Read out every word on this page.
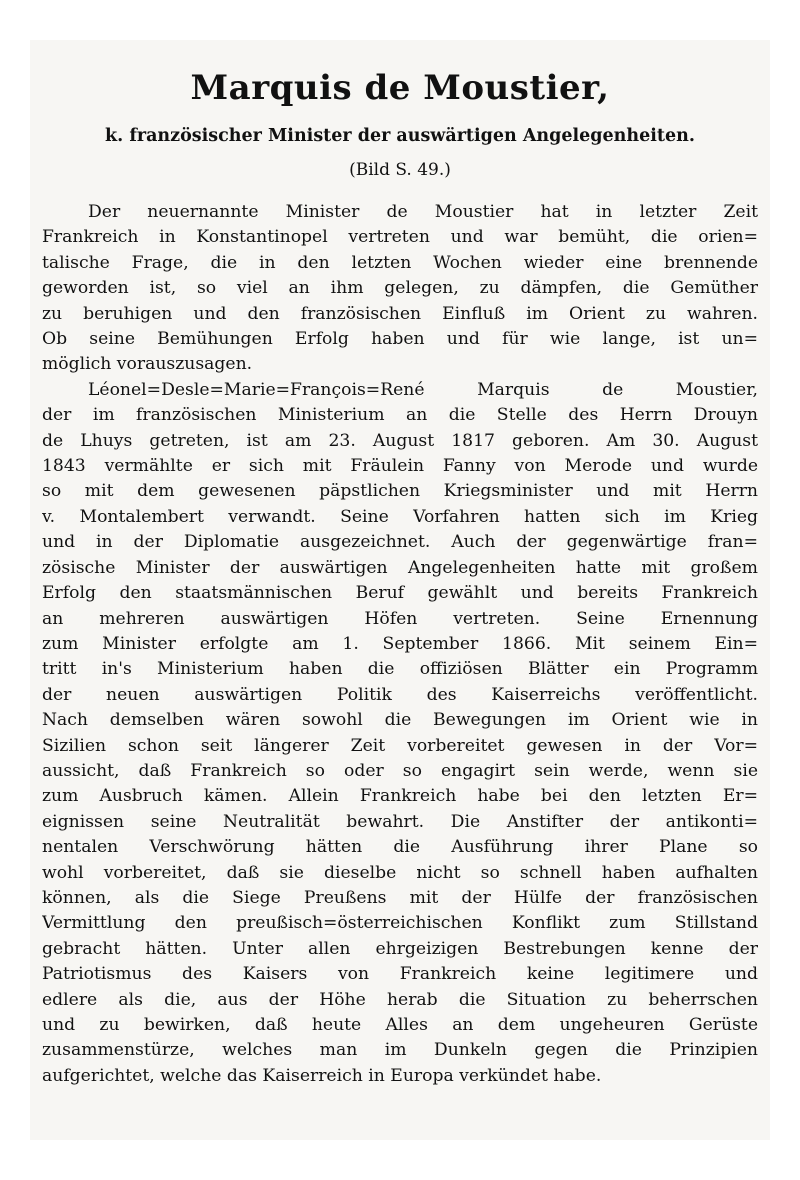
Marquis de Moustier,
k. französischer Minister der auswärtigen Angelegenheiten.
(Bild S. 49.)
Der neuernannte Minister de Moustier hat in letzter Zeit
Frankreich in Konstantinopel vertreten und war bemüht, die orien=
talische Frage, die in den letzten Wochen wieder eine brennende
geworden ist, so viel an ihm gelegen, zu dämpfen, die Gemüther
zu beruhigen und den französischen Einfluß im Orient zu wahren.
Ob seine Bemühungen Erfolg haben und für wie lange, ist un=
möglich vorauszusagen.
Léonel=Desle=Marie=François=René Marquis de Moustier,
der im französischen Ministerium an die Stelle des Herrn Drouyn
de Lhuys getreten, ist am 23. August 1817 geboren. Am 30. August
1843 vermählte er sich mit Fräulein Fanny von Merode und wurde
so mit dem gewesenen päpstlichen Kriegsminister und mit Herrn
v. Montalembert verwandt. Seine Vorfahren hatten sich im Krieg
und in der Diplomatie ausgezeichnet. Auch der gegenwärtige fran=
zösische Minister der auswärtigen Angelegenheiten hatte mit großem
Erfolg den staatsmännischen Beruf gewählt und bereits Frankreich
an mehreren auswärtigen Höfen vertreten. Seine Ernennung
zum Minister erfolgte am 1. September 1866. Mit seinem Ein=
tritt in's Ministerium haben die offiziösen Blätter ein Programm
der neuen auswärtigen Politik des Kaiserreichs veröffentlicht.
Nach demselben wären sowohl die Bewegungen im Orient wie in
Sizilien schon seit längerer Zeit vorbereitet gewesen in der Vor=
aussicht, daß Frankreich so oder so engagirt sein werde, wenn sie
zum Ausbruch kämen. Allein Frankreich habe bei den letzten Er=
eignissen seine Neutralität bewahrt. Die Anstifter der antikonti=
nentalen Verschwörung hätten die Ausführung ihrer Plane so
wohl vorbereitet, daß sie dieselbe nicht so schnell haben aufhalten
können, als die Siege Preußens mit der Hülfe der französischen
Vermittlung den preußisch=österreichischen Konflikt zum Stillstand
gebracht hätten. Unter allen ehrgeizigen Bestrebungen kenne der
Patriotismus des Kaisers von Frankreich keine legitimere und
edlere als die, aus der Höhe herab die Situation zu beherrschen
und zu bewirken, daß heute Alles an dem ungeheuren Gerüste
zusammenstürze, welches man im Dunkeln gegen die Prinzipien
aufgerichtet, welche das Kaiserreich in Europa verkündet habe.
